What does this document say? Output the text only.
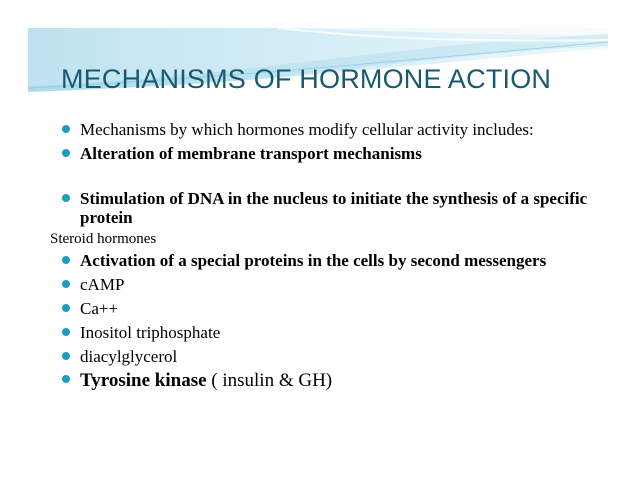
MECHANISMS OF HORMONE ACTION
Mechanisms by which hormones modify cellular activity includes:
Alteration of membrane transport mechanisms
Stimulation of DNA in the nucleus to initiate the synthesis of a specific protein
Steroid hormones
Activation of a special proteins in the cells by second messengers
cAMP
Ca++
Inositol triphosphate
diacylglycerol
Tyrosine kinase ( insulin & GH)
